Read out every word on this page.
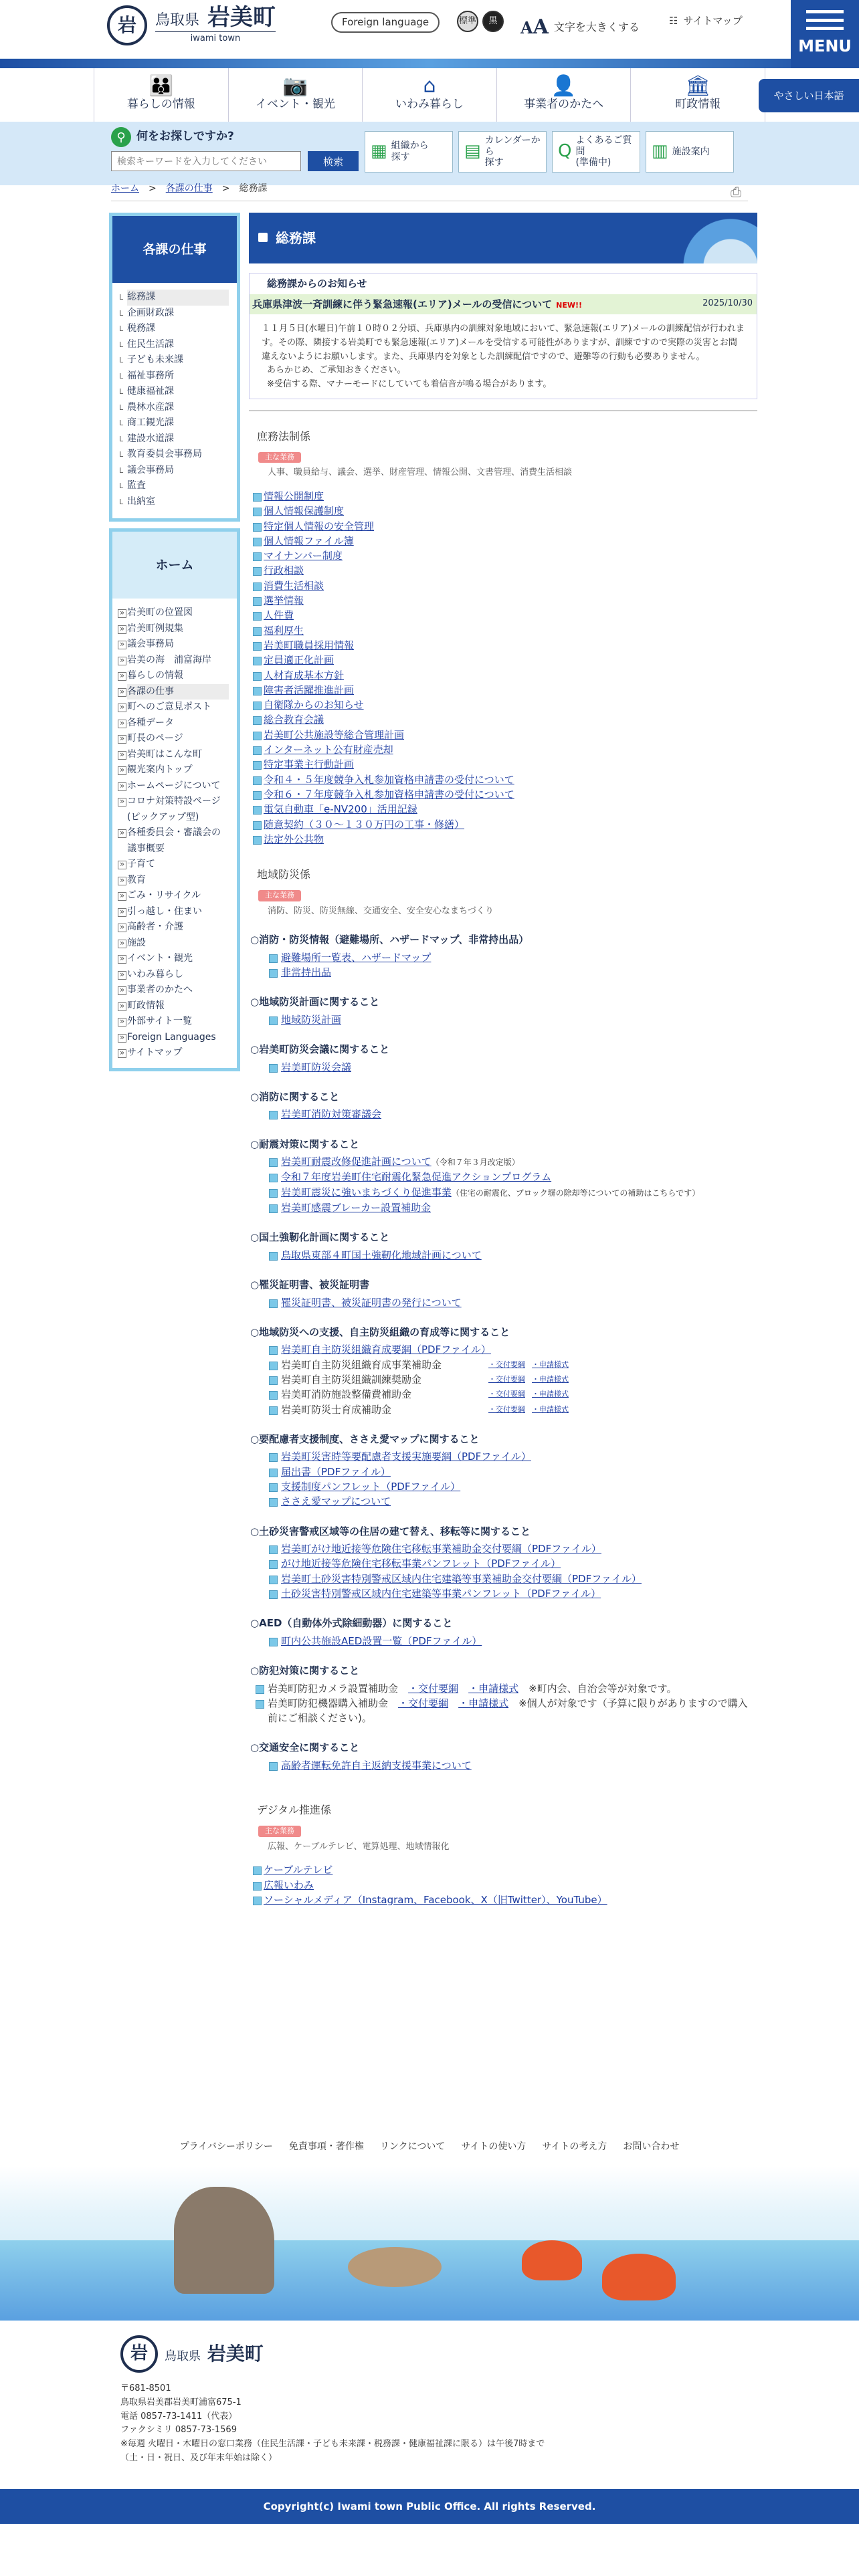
岩	鳥取県 岩美町
iwami town
Foreign language	標準	黒	AA 文字を大きくする	☷ サイトマップ
MENU
やさしい日本語
👪
暮らしの情報
📷
イベント・観光
⌂
いわみ暮らし
👤
事業者のかたへ
🏛
町政情報
⚲ 何をお探しですか?
検索キーワードを入力してください
検索
▦ 組織から
探す	▤
カレンダーから
探す
Q
よくあるご質問
(準備中)
▥ 施設案内
ホーム > 各課の仕事 > 総務課	⎙
各課の仕事
L 総務課
L 企画財政課
L 税務課
L 住民生活課
L 子ども未来課
L 福祉事務所
L 健康福祉課
L 農林水産課
L 商工観光課
L 建設水道課
L 教育委員会事務局
L 議会事務局
L 監査
L 出納室
ホーム
» 岩美町の位置図
» 岩美町例規集
» 議会事務局
» 岩美の海　浦富海岸
» 暮らしの情報
» 各課の仕事
» 町へのご意見ポスト
» 各種データ
» 町長のページ
» 岩美町はこんな町
» 観光案内トップ
» ホームページについて
» コロナ対策特設ページ(ピックアップ型)
» 各種委員会・審議会の議事概要
» 子育て
» 教育
» ごみ・リサイクル
» 引っ越し・住まい
» 高齢者・介護
» 施設
» イベント・観光
» いわみ暮らし
» 事業者のかたへ
» 町政情報
» 外部サイト一覧
» Foreign Languages
» サイトマップ
総務課
総務課からのお知らせ
兵庫県津波一斉訓練に伴う緊急速報(エリア)メールの受信について NEW!!	2025/10/30

１１月５日(水曜日)午前１０時０２分頃、兵庫県内の訓練対象地域において、緊急速報(エリア)メールの訓練配信が行われます。その際、隣接する岩美町でも緊急速報(エリア)メールを受信する可能性がありますが、訓練ですので実際の災害とお間違えないようにお願いします。また、兵庫県内を対象とした訓練配信ですので、避難等の行動も必要ありません。

あらかじめ、ご承知おきください。

※受信する際、マナーモードにしていても着信音が鳴る場合があります。

庶務法制係
主な業務
人事、職員給与、議会、選挙、財産管理、情報公開、文書管理、消費生活相談
情報公開制度
個人情報保護制度
特定個人情報の安全管理
個人情報ファイル簿
マイナンバー制度
行政相談
消費生活相談
選挙情報
人件費
福利厚生
岩美町職員採用情報
定員適正化計画
人材育成基本方針
障害者活躍推進計画
自衛隊からのお知らせ
総合教育会議
岩美町公共施設等総合管理計画
インターネット公有財産売却
特定事業主行動計画
令和４・５年度競争入札参加資格申請書の受付について
令和６・７年度競争入札参加資格申請書の受付について
電気自動車「e-NV200」活用記録
随意契約（３０～１３０万円の工事・修繕）
法定外公共物
地域防災係
主な業務
消防、防災、防災無線、交通安全、安全安心なまちづくり
○ 消防・防災情報（避難場所、ハザードマップ、非常持出品）
避難場所一覧表、ハザードマップ
非常持出品
○ 地域防災計画に関すること
地域防災計画
○ 岩美町防災会議に関すること
岩美町防災会議
○ 消防に関すること
岩美町消防対策審議会
○ 耐震対策に関すること
岩美町耐震改修促進計画について（令和７年３月改定版）
令和７年度岩美町住宅耐震化緊急促進アクションプログラム
岩美町震災に強いまちづくり促進事業（住宅の耐震化、ブロック塀の除却等についての補助はこちらです）
岩美町感震ブレーカー設置補助金
○ 国土強靭化計画に関すること
鳥取県東部４町国土強靭化地域計画について
○ 罹災証明書、被災証明書
罹災証明書、被災証明書の発行について
○ 地域防災への支援、自主防災組織の育成等に関すること
岩美町自主防災組織育成要綱（PDFファイル）
岩美町自主防災組織育成事業補助金	・交付要綱 ・申請様式
岩美町自主防災組織訓練奨励金	・交付要綱 ・申請様式
岩美町消防施設整備費補助金	・交付要綱 ・申請様式
岩美町防災士育成補助金	・交付要綱 ・申請様式
○ 要配慮者支援制度、ささえ愛マップに関すること
岩美町災害時等要配慮者支援実施要綱（PDFファイル）
届出書（PDFファイル）
支援制度パンフレット（PDFファイル）
ささえ愛マップについて
○ 土砂災害警戒区域等の住居の建て替え、移転等に関すること
岩美町がけ地近接等危険住宅移転事業補助金交付要綱（PDFファイル）
がけ地近接等危険住宅移転事業パンフレット（PDFファイル）
岩美町土砂災害特別警戒区域内住宅建築等事業補助金交付要綱（PDFファイル）
土砂災害特別警戒区域内住宅建築等事業パンフレット（PDFファイル）
○ AED（自動体外式除細動器）に関すること
町内公共施設AED設置一覧（PDFファイル）
○ 防犯対策に関すること
岩美町防犯カメラ設置補助金　 ・交付要綱　 ・申請様式　 ※町内会、自治会等が対象です。
岩美町防犯機器購入補助金　 ・交付要綱　 ・申請様式　 ※個人が対象です（予算に限りがありますので購入前にご相談ください)。
○ 交通安全に関すること
高齢者運転免許自主返納支援事業について
デジタル推進係
主な業務
広報、ケーブルテレビ、電算処理、地域情報化
ケーブルテレビ
広報いわみ
ソーシャルメディア（Instagram、Facebook、X（旧Twitter）、YouTube）
プライバシーポリシー 免責事項・著作権 リンクについて サイトの使い方 サイトの考え方 お問い合わせ
岩	鳥取県 岩美町
〒681-8501
鳥取県岩美郡岩美町浦富675-1
電話 0857-73-1411（代表）
ファクシミリ 0857-73-1569
※毎週 火曜日・木曜日の窓口業務（住民生活課・子ども未来課・税務課・健康福祉課に限る）は午後7時まで
（土・日・祝日、及び年末年始は除く）
Copyright(c) Iwami town Public Office. All rights Reserved.
